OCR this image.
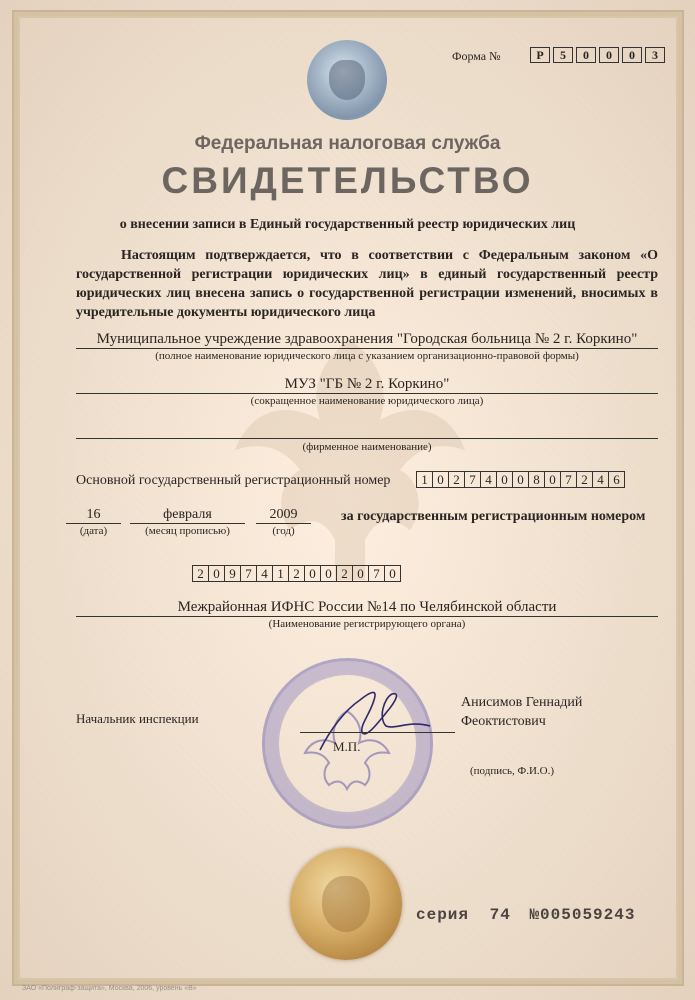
Форма №	Р	5	0	0	0	3
Федеральная налоговая служба
СВИДЕТЕЛЬСТВО
о внесении записи в Единый государственный реестр юридических лиц
Настоящим подтверждается, что в соответствии с Федеральным законом «О государственной регистрации юридических лиц» в единый государственный реестр юридических лиц внесена запись о государственной регистрации изменений, вносимых в учредительные документы юридического лица
Муниципальное учреждение здравоохранения "Городская больница № 2 г. Коркино"
(полное наименование юридического лица с указанием организационно-правовой формы)
МУЗ "ГБ № 2 г. Коркино"
(сокращенное наименование юридического лица)
(фирменное наименование)
Основной государственный регистрационный номер	1 0 2 7 4 0 0 8 0 7 2 4 6
16
(дата)
февраля
(месяц прописью)
2009
(год)
за государственным регистрационным номером
2 0 9 7 4 1 2 0 0 2 0 7 0
Межрайонная ИФНС России №14 по Челябинской области
(Наименование регистрирующего органа)
Начальник инспекции
М.П.
Анисимов Геннадий
Феоктистович
(подпись, Ф.И.О.)
серия 74 №005059243
ЗАО «Полиграф-защита», Москва, 2006, уровень «В»
